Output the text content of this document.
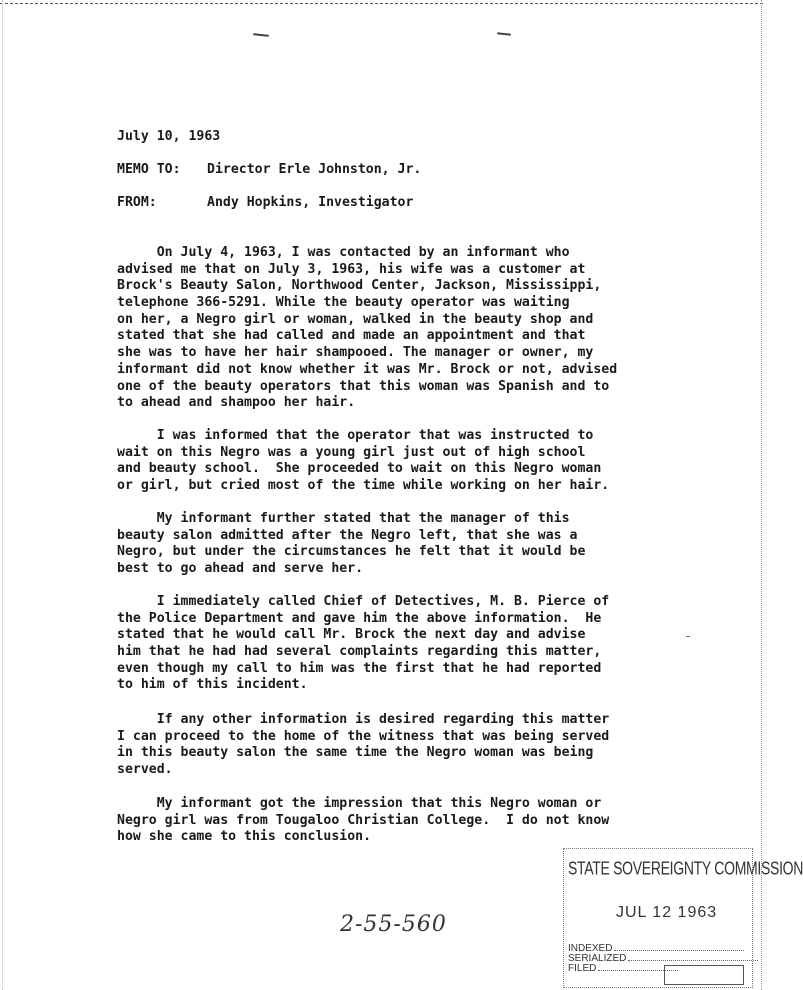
July 10, 1963
MEMO TO: Director Erle Johnston, Jr.
FROM:	Andy Hopkins, Investigator
On July 4, 1963, I was contacted by an informant who
advised me that on July 3, 1963, his wife was a customer at
Brock's Beauty Salon, Northwood Center, Jackson, Mississippi,
telephone 366-5291. While the beauty operator was waiting
on her, a Negro girl or woman, walked in the beauty shop and
stated that she had called and made an appointment and that
she was to have her hair shampooed. The manager or owner, my
informant did not know whether it was Mr. Brock or not, advised
one of the beauty operators that this woman was Spanish and to
to ahead and shampoo her hair.
I was informed that the operator that was instructed to
wait on this Negro was a young girl just out of high school
and beauty school.  She proceeded to wait on this Negro woman
or girl, but cried most of the time while working on her hair.
My informant further stated that the manager of this
beauty salon admitted after the Negro left, that she was a
Negro, but under the circumstances he felt that it would be
best to go ahead and serve her.
I immediately called Chief of Detectives, M. B. Pierce of
the Police Department and gave him the above information.  He
stated that he would call Mr. Brock the next day and advise
him that he had had several complaints regarding this matter,
even though my call to him was the first that he had reported
to him of this incident.
If any other information is desired regarding this matter
I can proceed to the home of the witness that was being served
in this beauty salon the same time the Negro woman was being
served.
My informant got the impression that this Negro woman or
Negro girl was from Tougaloo Christian College.  I do not know
how she came to this conclusion.
2-55-560
STATE SOVEREIGNTY COMMISSION
JUL 12 1963
INDEXED
SERIALIZED
FILED
